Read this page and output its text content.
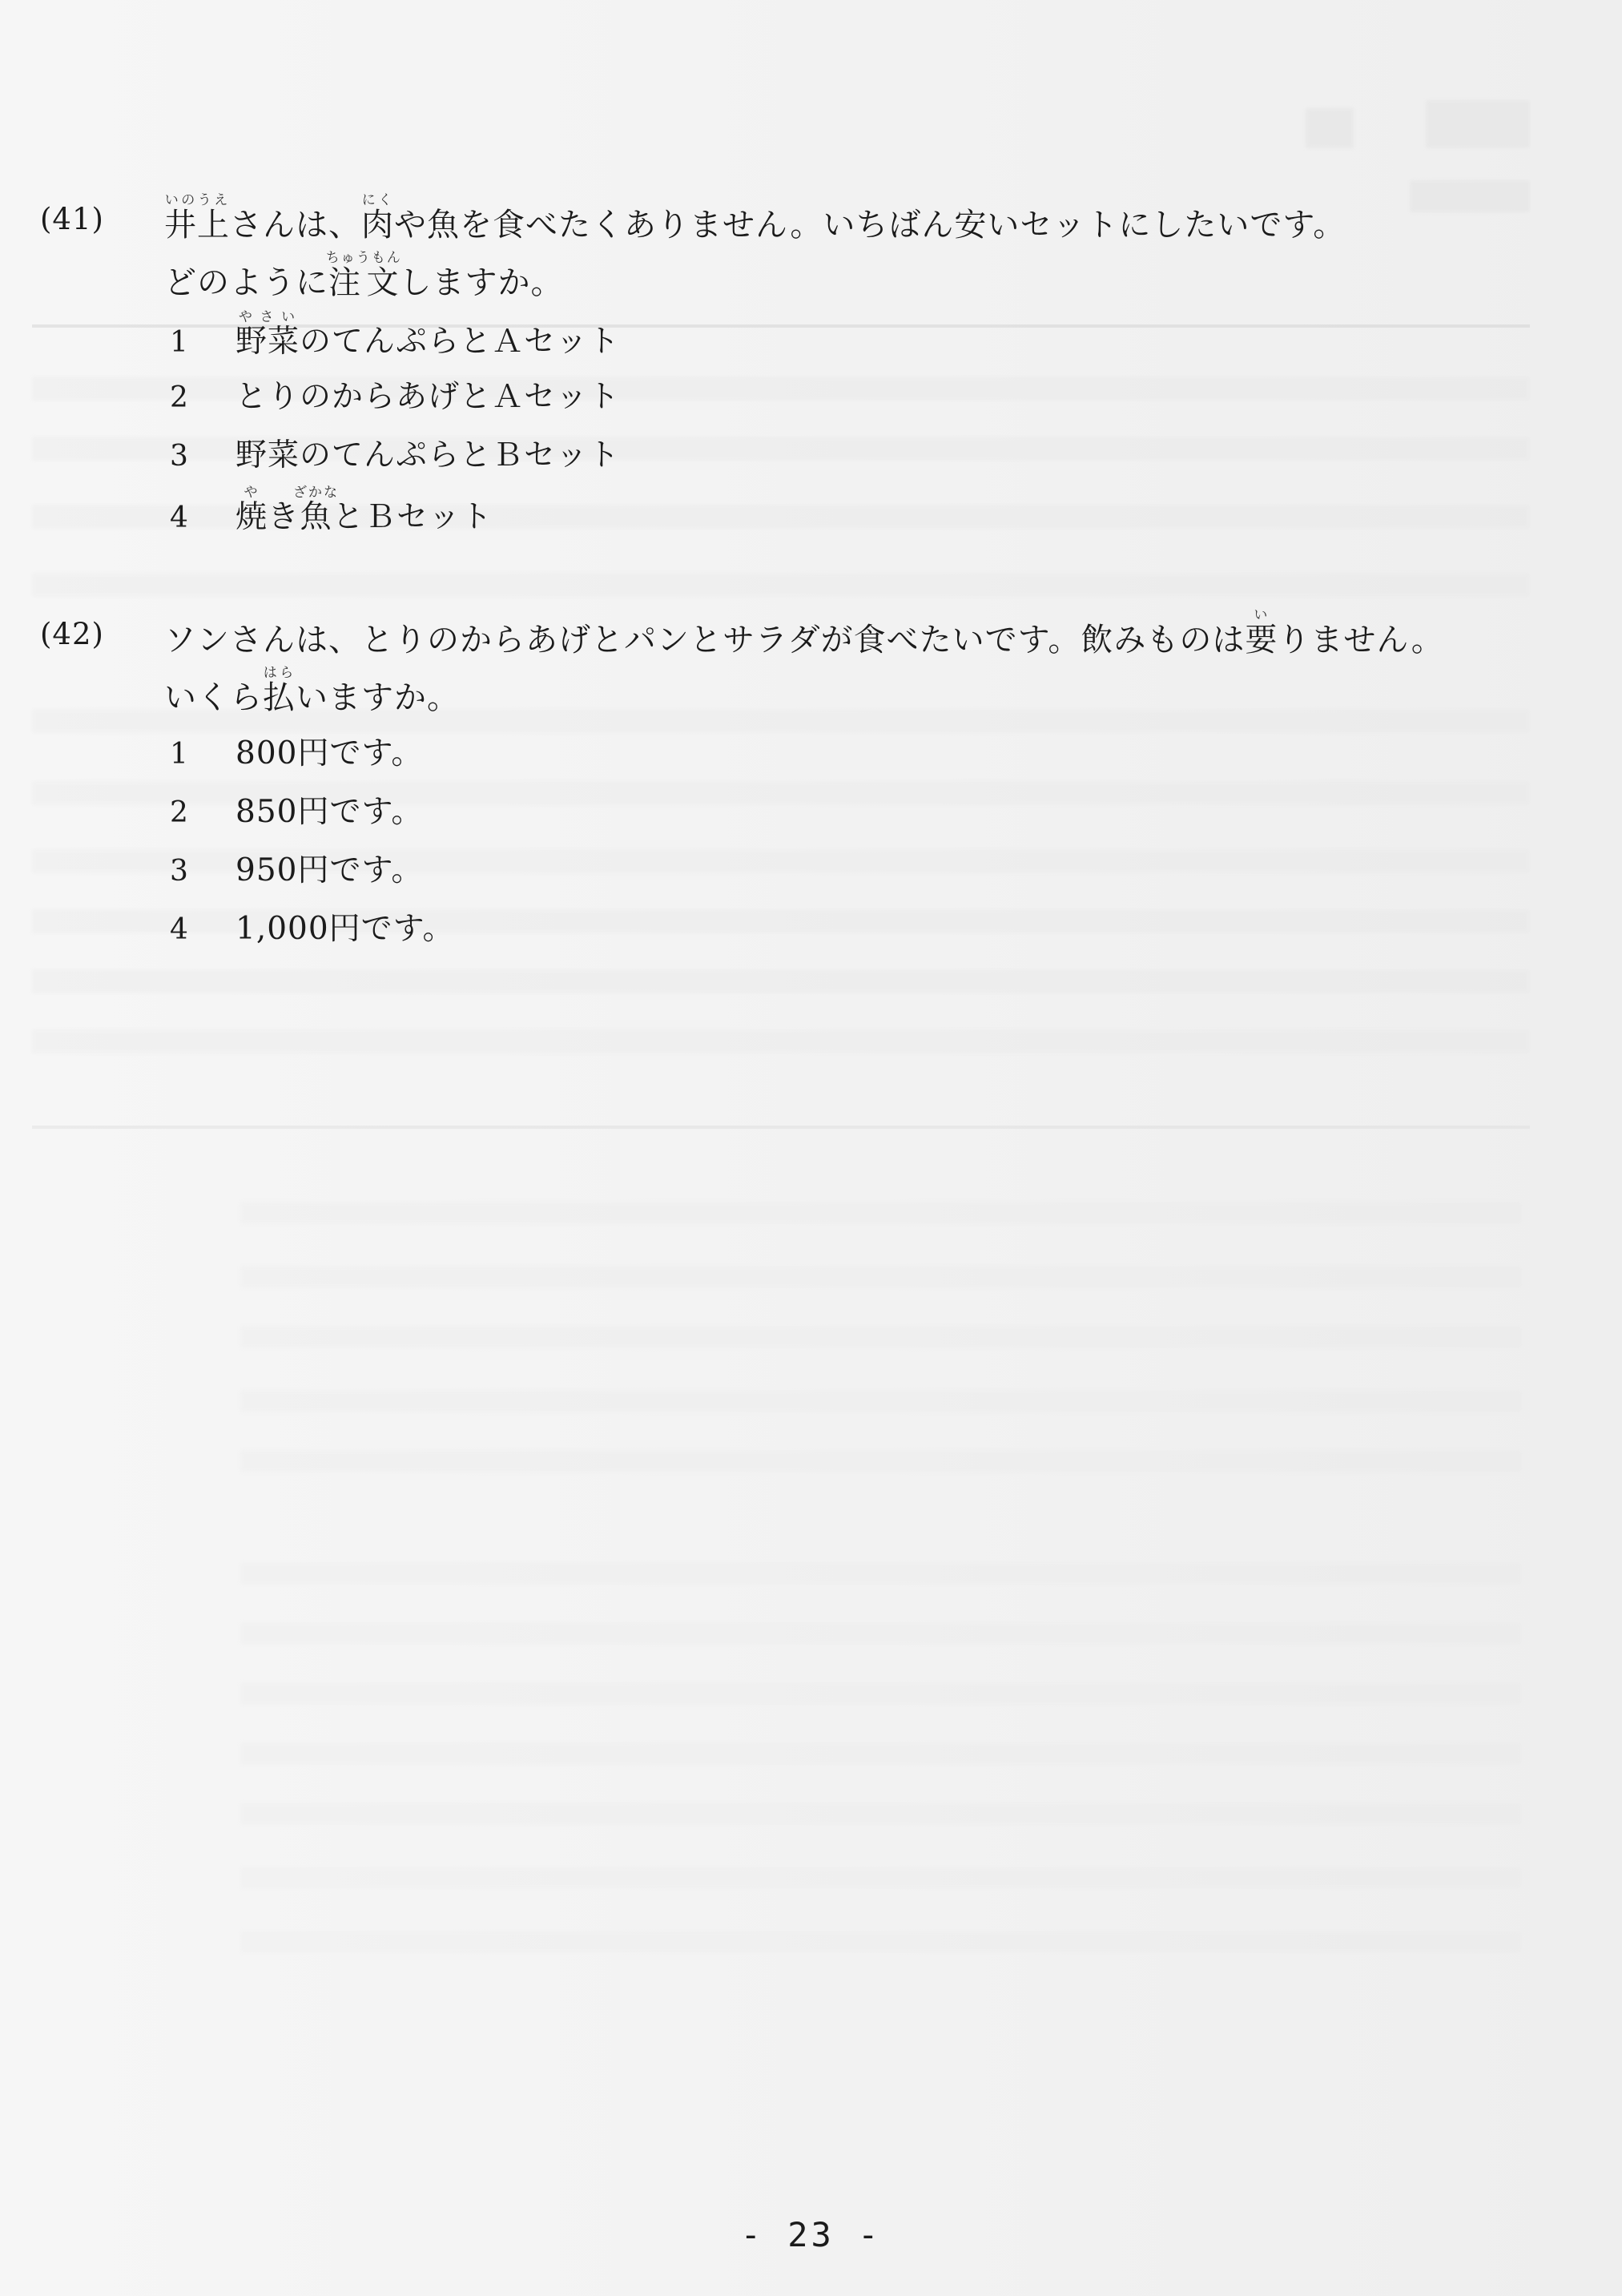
(41) 井上いのうえさんは、肉にくや魚を食べたくありません。いちばん安いセットにしたいです。
どのように注文ちゅうもんしますか。
1 野菜やさいのてんぷらとＡセット
2 とりのからあげとＡセット
3 野菜のてんぷらとＢセット
4 焼やき魚ざかなとＢセット
(42) ソンさんは、とりのからあげとパンとサラダが食べたいです。飲みものは要いりません。
いくら払はらいますか。
1 800円です。
2 850円です。
3 950円です。
4 1,000円です。
- 23 -
